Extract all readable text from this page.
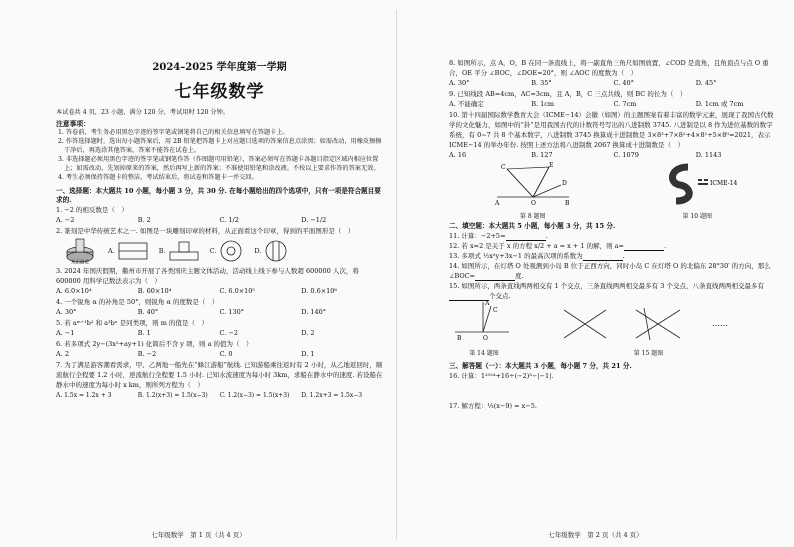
2024–2025 学年度第一学期
七年级数学
本试卷共 4 页，23 小题，满分 120 分，考试用时 120 分钟。
注意事项：
1. 答卷前，考生务必用黑色字迹的签字笔或钢笔将自己的相关信息填写在答题卡上。
2. 作答选择题时，选出每小题答案后，用 2B 铅笔把答题卡上对应题目选项的答案信息点涂黑；如需改动，用橡皮擦擦干净后，再选涂其他答案，答案不能答在试卷上。
3. 非选择题必须用黑色字迹的签字笔或钢笔作答（作图题可用铅笔），答案必须写在答题卡各题目指定区域内相应位置上；如需改动，先划掉原来的答案，然后再写上新的答案；不准使用铅笔和涂改液。不按以上要求作答的答案无效。
4. 考生必须保持答题卡的整洁，考试结束后，将试卷和答题卡一并交回。
一、选择题：本大题共 10 小题，每小题 3 分，共 30 分. 在每小题给出的四个选项中，只有一项是符合题目要求的.
1. −2 的相反数是（　）
A. −2	B. 2	C. 1/2	D. −1/2
2. 篆刻是中华传统艺术之一. 如图是一块雕刻印章的材料，从正面看这个印章，得到的平面图形是（　）
从正面看
A.	B.	C.	D.
3. 2024 年国庆假期，衢州市开展了各类国庆主题文体活动，活动线上线下参与人数超 600000 人次，将 600000 用科学记数法表示为（　）
A. 6.0×10⁴	B. 60×10⁴	C. 6.0×10⁵	D. 0.6×10⁶
4. 一个锐角 α 的补角是 50°，则锐角 α 的度数是（　）
A. 30°	B. 40°	C. 130°	D. 140°
5. 若 aᵐ⁺¹b² 和 a³bⁿ 是同类项，则 m 的值是（　）
A. −1	B. 1	C. −2	D. 2
6. 若多项式 2y−(3x²+ay+1) 化简后不含 y 项，则 a 的值为（　）
A. 2	B. −2	C. 0	D. 1
7. 为了满足游客潮看需求，甲、乙两地一船先在“蜂江游船”航线. 已知游船乘往返时有 2 小时，从乙地返回时，顺流航行全程要 1.2 小时，逆流航行全程要 1.5 小时. 已知水流速度为每小时 3km，求船在静水中的速度. 若设船在静水中的速度为每小时 x km，则所列方程为（　）
A. 1.5x = 1.2x + 3	B. 1.2(x+3) = 1.5(x−3)	C. 1.2(x−3) = 1.5(x+3)	D. 1.2x+3 = 1.5x−3
七年级数学　第 1 页（共 4 页）
8. 如图所示，点 A，O，B 在同一条直线上，将一副直角三角尺如图放置，∠COD 是直角，且角顶点与点 O 重合，OE 平分 ∠BOC，∠DOE=20°，则 ∠AOC 的度数为（　）
A. 30°	B. 35°	C. 40°	D. 45°
9. 已知线段 AB=4cm，AC=3cm，且 A，B，C 三点共线，则 BC 的长为（　）
A. 不能确定	B. 1cm	C. 7cm	D. 1cm 或 7cm
10. 第十四届国际数学教育大会（ICME−14）会徽（如图）的主题图案有着丰富的数学元素，展现了我国古代数学的文化魅力，如图中的“卦”是用我国古代的计数符号写出的八进制数 3745. 八进制是以 8 作为进位基数的数字系统，有 0~7 共 8 个基本数字，八进制数 3745 换算成十进制数是 3×8³+7×8²+4×8¹+5×8⁰=2021，表示 ICME−14 的举办年份. 按照上述方法将八进制数 2067 换算成十进制数是（　）
A. 16	B. 127	C. 1079	D. 1143
A	O	B
C	E
D
第 8 题图
ICME-14
第 10 题图
二、填空题：本大题共 5 小题，每小题 3 分，共 15 分.
11. 计算：−2+5=	.
12. 若 x=2 是关于 x 的方程 x/2 + a = x + 1 的解，则 a=	.
13. 多项式 ½x²y+3x−1 的最高次项的系数为	.
14. 如图所示，在灯塔 O 处观测到小岛 B 位于正西方向，同时小岛 C 在灯塔 O 的北偏东 28°30′ 的方向，那么 ∠BOC=	度.
15. 如图所示，两条直线两两相交有 1 个交点，三条直线两两相交最多有 3 个交点，八条直线两两相交最多有个交点.
A
C
B	O
第 14 题图
……
第 15 题图
三、解答题（一）：本大题共 3 小题，每小题 7 分，共 21 分.
16. 计算：1²⁰²⁴+16÷(−2)³−|−1|.
17. 解方程：⅓(x−9) = x−5.
七年级数学　第 2 页（共 4 页）
